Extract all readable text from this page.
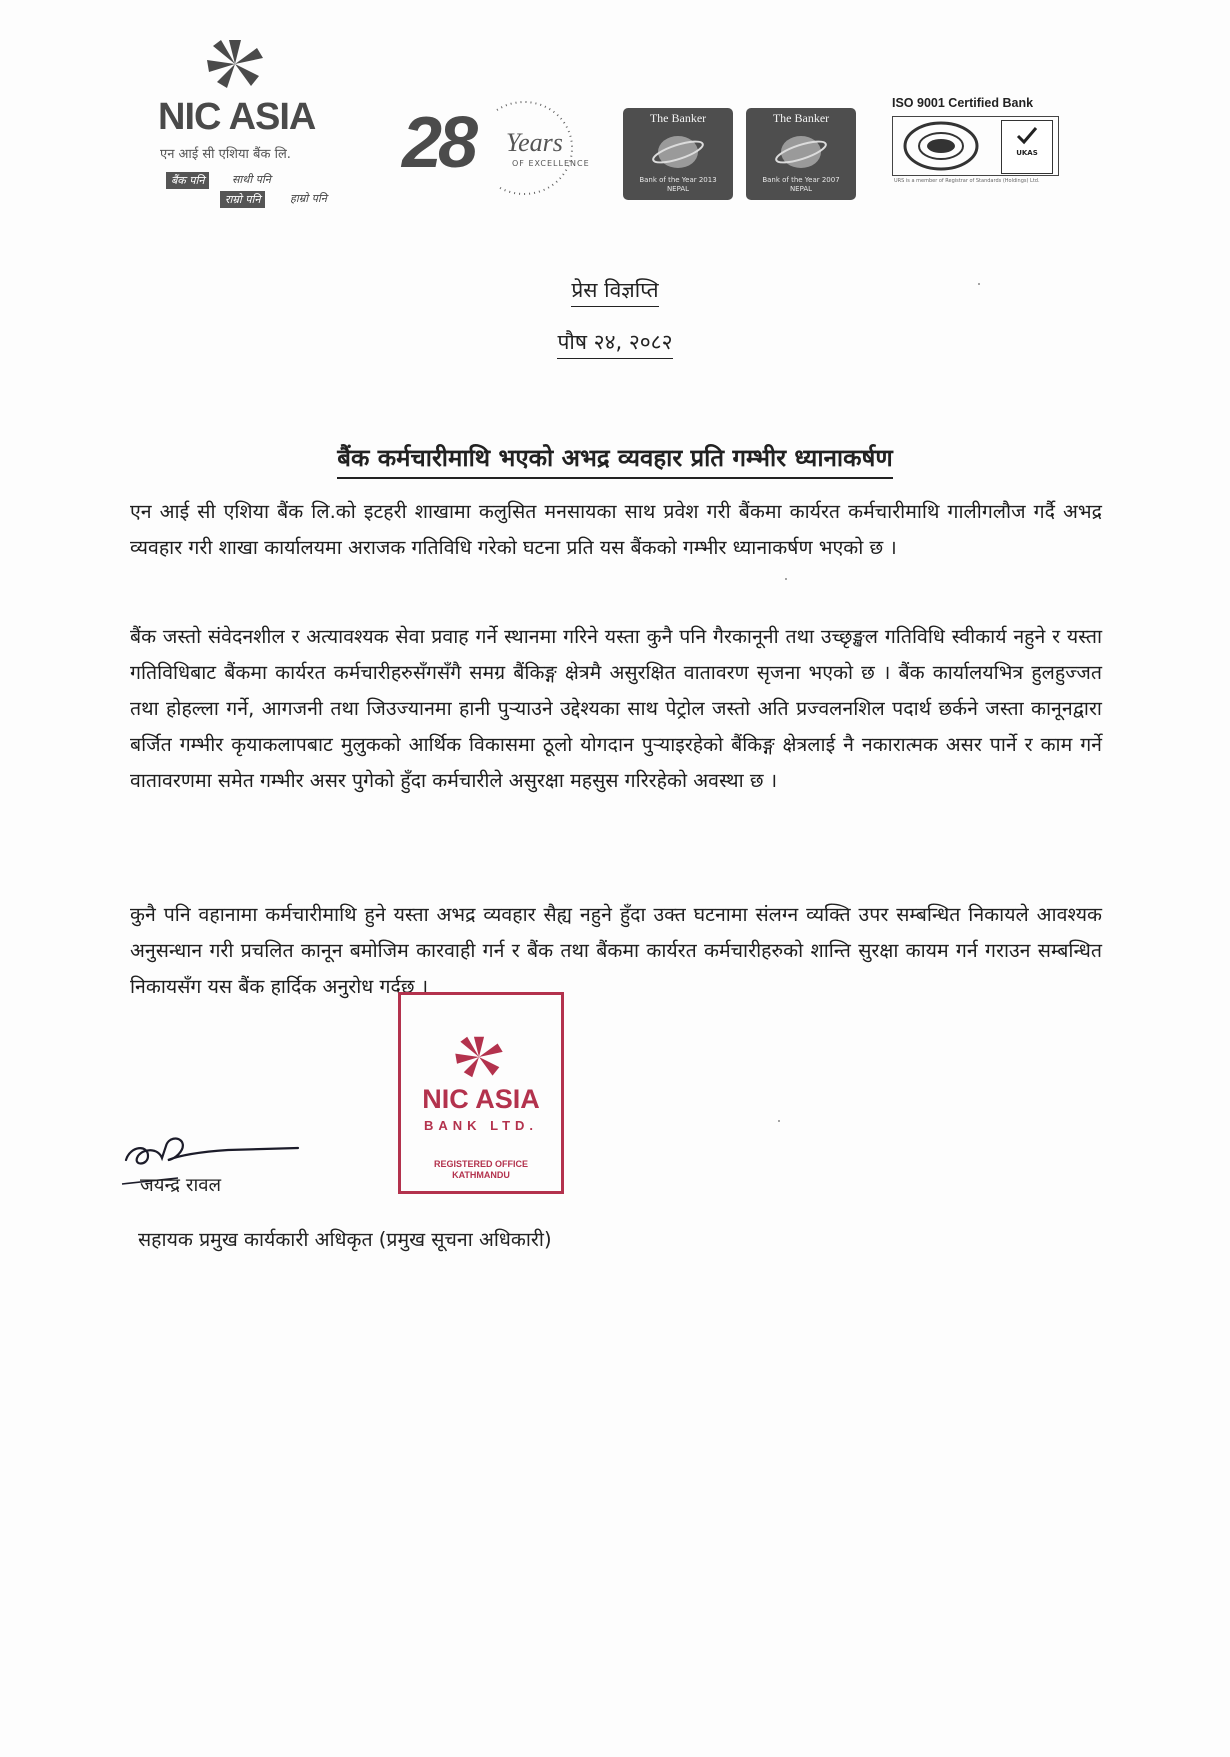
NIC ASIA
एन आई सी एशिया बैंक लि.
बैंक पनि	साथी पनि
राम्रो पनि	हाम्रो पनि
28 Years
OF EXCELLENCE
The Banker
Bank of the Year 2013
NEPAL
The Banker
Bank of the Year 2007
NEPAL
ISO 9001 Certified Bank
UKAS
URS is a member of Registrar of Standards (Holdings) Ltd.
प्रेस विज्ञप्ति
पौष २४, २०८२
बैंक कर्मचारीमाथि भएको अभद्र व्यवहार प्रति गम्भीर ध्यानाकर्षण
एन आई सी एशिया बैंक लि.को इटहरी शाखामा कलुसित मनसायका साथ प्रवेश गरी बैंकमा कार्यरत कर्मचारीमाथि गालीगलौज गर्दै अभद्र व्यवहार गरी शाखा कार्यालयमा अराजक गतिविधि गरेको घटना प्रति यस बैंकको गम्भीर ध्यानाकर्षण भएको छ ।
बैंक जस्तो संवेदनशील र अत्यावश्यक सेवा प्रवाह गर्ने स्थानमा गरिने यस्ता कुनै पनि गैरकानूनी तथा उच्छृङ्खल गतिविधि स्वीकार्य नहुने र यस्ता गतिविधिबाट बैंकमा कार्यरत कर्मचारीहरुसँगसँगै समग्र बैंकिङ्ग क्षेत्रमै असुरक्षित वातावरण सृजना भएको छ । बैंक कार्यालयभित्र हुलहुज्जत तथा होहल्ला गर्ने, आगजनी तथा जिउज्यानमा हानी पुऱ्याउने उद्देश्यका साथ पेट्रोल जस्तो अति प्रज्वलनशिल पदार्थ छर्कने जस्ता कानूनद्वारा बर्जित गम्भीर कृयाकलापबाट मुलुकको आर्थिक विकासमा ठूलो योगदान पुऱ्याइरहेको बैंकिङ्ग क्षेत्रलाई नै नकारात्मक असर पार्ने र काम गर्ने वातावरणमा समेत गम्भीर असर पुगेको हुँदा कर्मचारीले असुरक्षा महसुस गरिरहेको अवस्था छ ।
कुनै पनि वहानामा कर्मचारीमाथि हुने यस्ता अभद्र व्यवहार सैह्य नहुने हुँदा उक्त घटनामा संलग्न व्यक्ति उपर सम्बन्धित निकायले आवश्यक अनुसन्धान गरी प्रचलित कानून बमोजिम कारवाही गर्न र बैंक तथा बैंकमा कार्यरत कर्मचारीहरुको शान्ति सुरक्षा कायम गर्न गराउन सम्बन्धित निकायसँग यस बैंक हार्दिक अनुरोध गर्दछ ।
NIC ASIA
BANK LTD.
REGISTERED OFFICE
KATHMANDU
जयन्द्र रावल
सहायक प्रमुख कार्यकारी अधिकृत (प्रमुख सूचना अधिकारी)
